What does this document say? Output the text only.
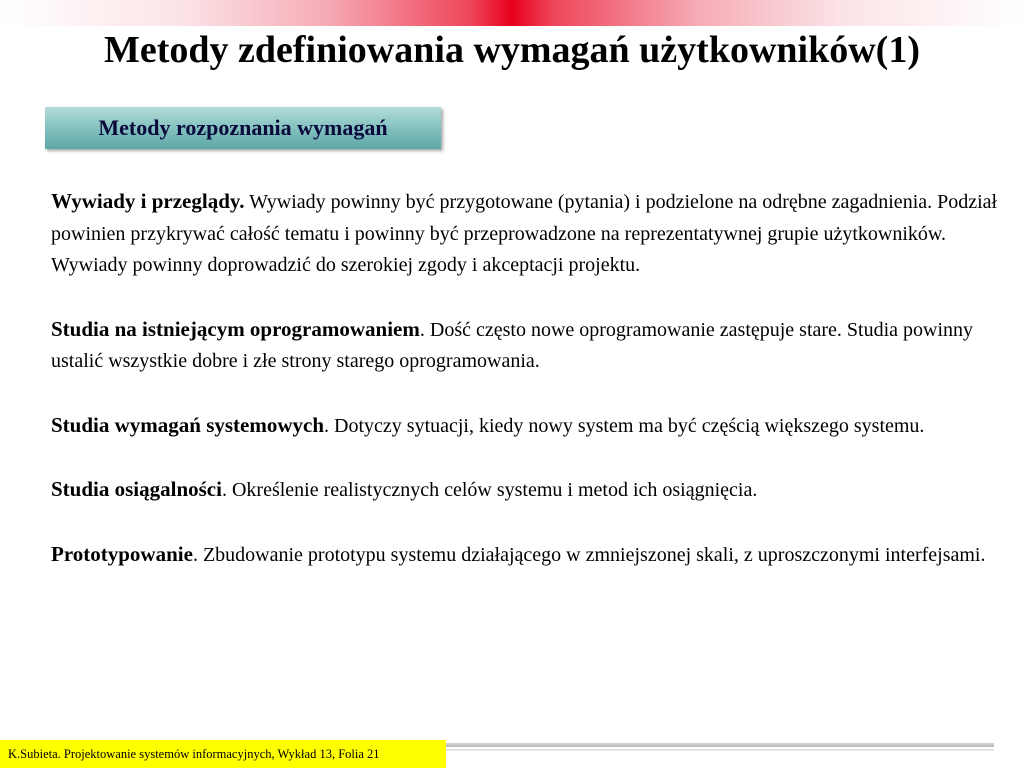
Metody zdefiniowania wymagań użytkowników(1)
Metody rozpoznania wymagań

Wywiady i przeglądy. Wywiady powinny być przygotowane (pytania) i podzielone na odrębne zagadnienia. Podział powinien przykrywać całość tematu i powinny być przeprowadzone na reprezentatywnej grupie użytkowników. Wywiady powinny doprowadzić do szerokiej zgody i akceptacji projektu.

Studia na istniejącym oprogramowaniem. Dość często nowe oprogramowanie zastępuje stare. Studia powinny ustalić wszystkie dobre i złe strony starego oprogramowania.

Studia wymagań systemowych. Dotyczy sytuacji, kiedy nowy system ma być częścią większego systemu.

Studia osiągalności. Określenie realistycznych celów systemu i metod ich osiągnięcia.

Prototypowanie. Zbudowanie prototypu systemu działającego w zmniejszonej skali, z uproszczonymi interfejsami.

K.Subieta. Projektowanie systemów informacyjnych, Wykład 13, Folia 21
